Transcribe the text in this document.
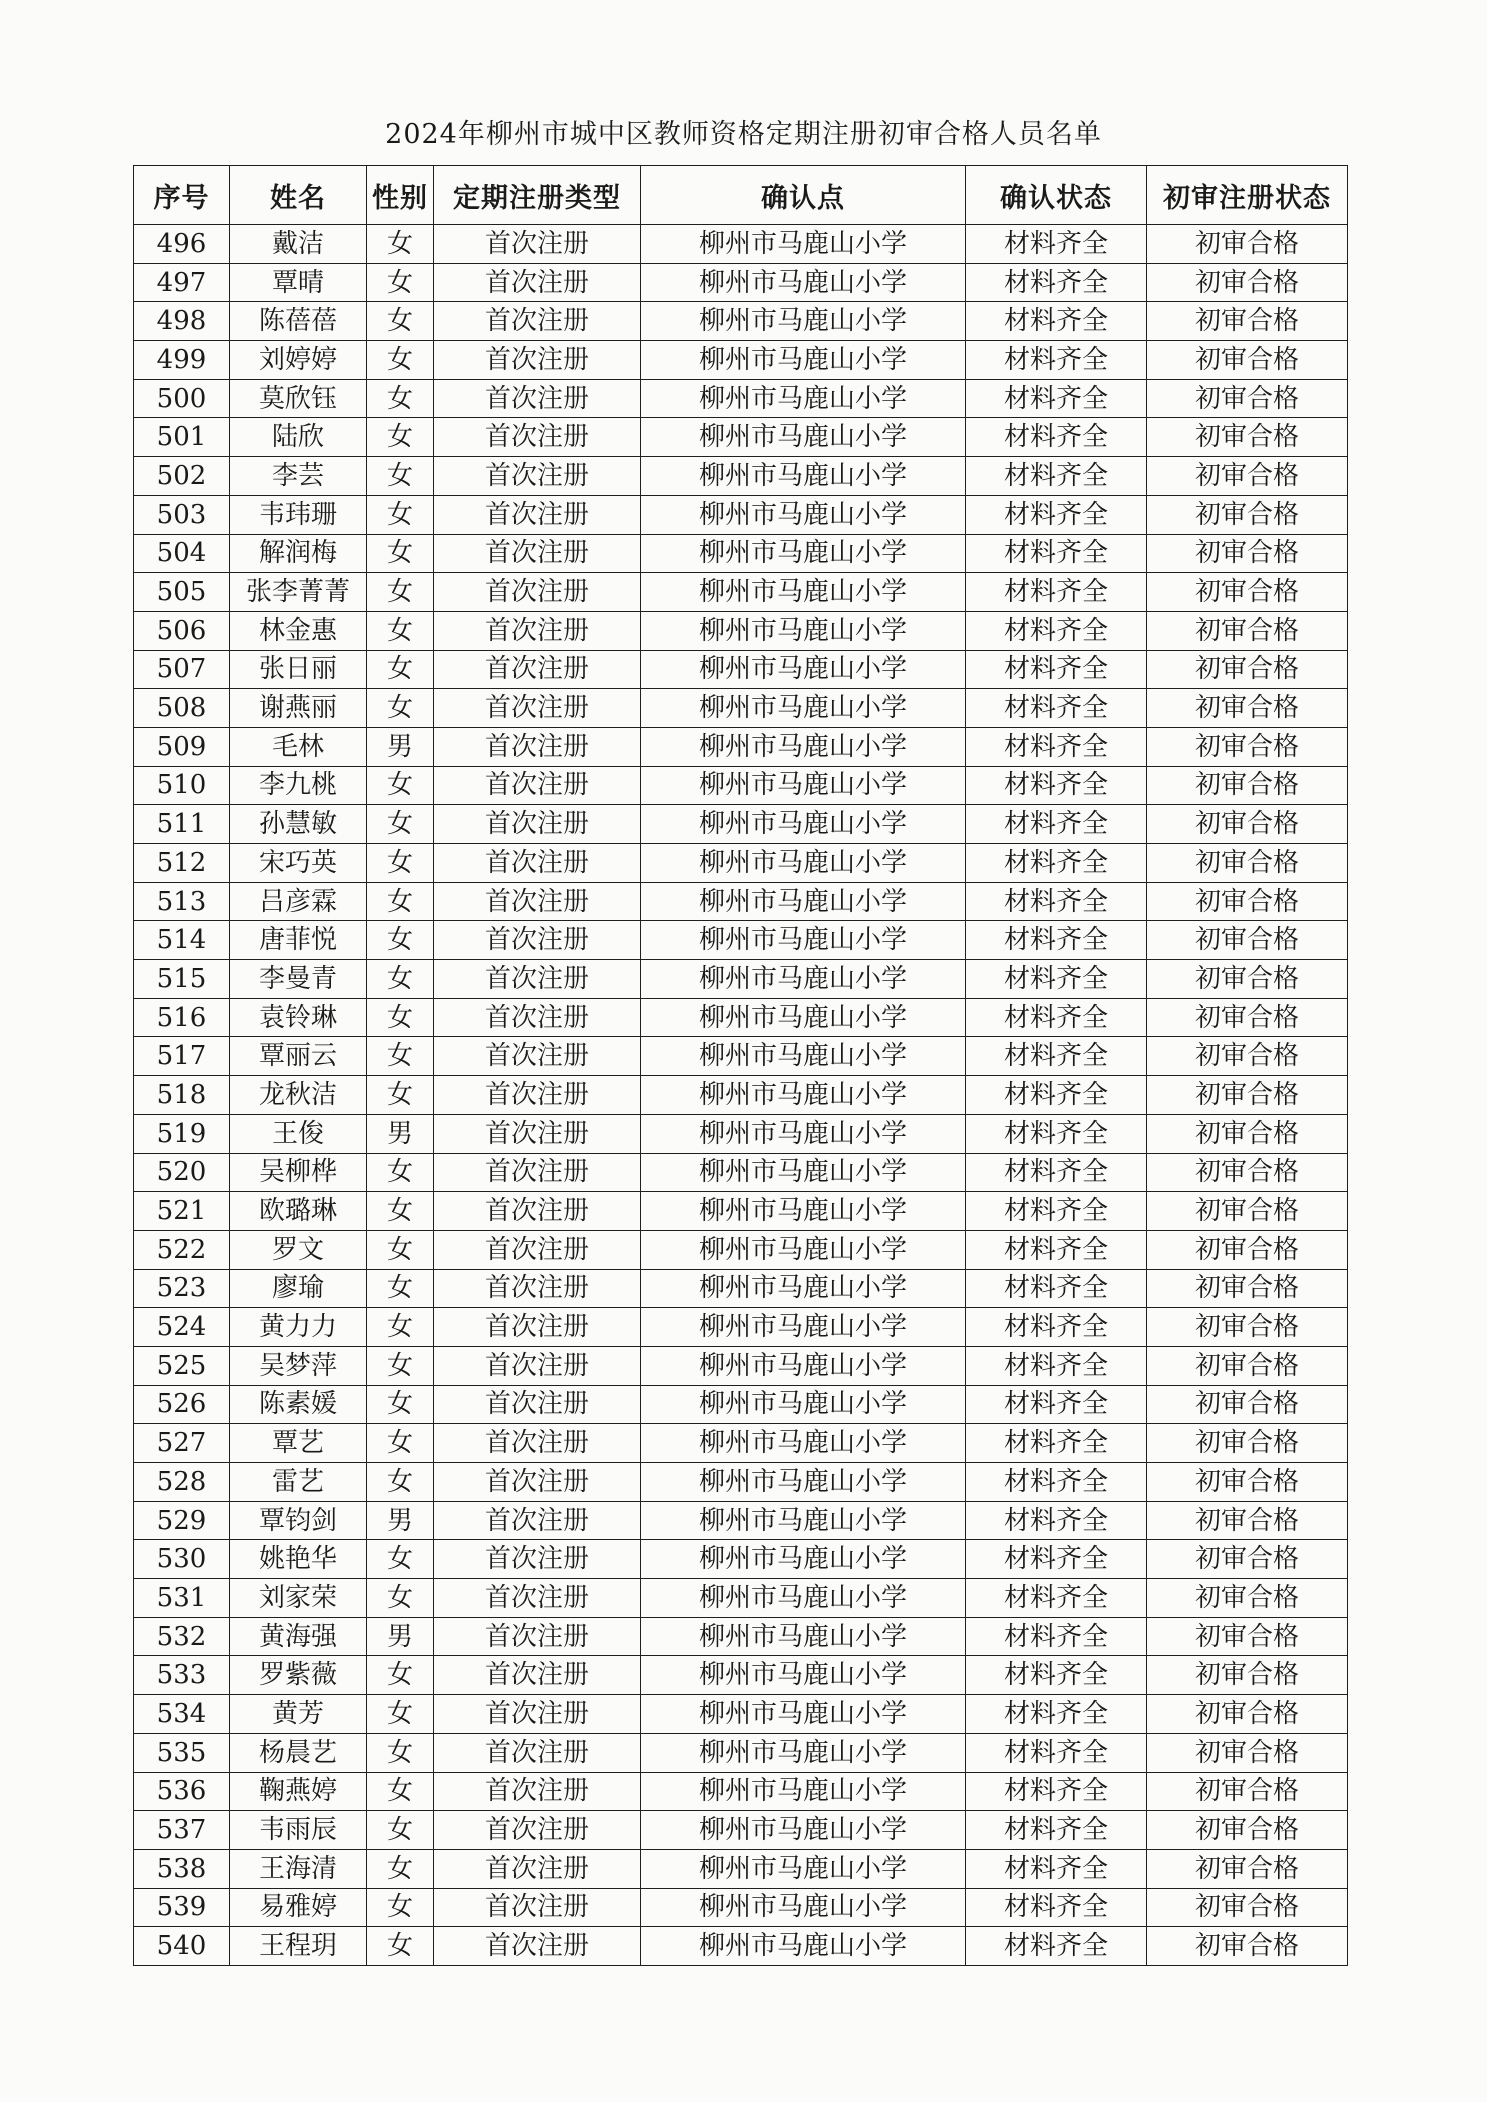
2024年柳州市城中区教师资格定期注册初审合格人员名单
序号	姓名	性别	定期注册类型	确认点	确认状态	初审注册状态
496	戴洁	女	首次注册	柳州市马鹿山小学	材料齐全	初审合格
497	覃晴	女	首次注册	柳州市马鹿山小学	材料齐全	初审合格
498	陈蓓蓓	女	首次注册	柳州市马鹿山小学	材料齐全	初审合格
499	刘婷婷	女	首次注册	柳州市马鹿山小学	材料齐全	初审合格
500	莫欣钰	女	首次注册	柳州市马鹿山小学	材料齐全	初审合格
501	陆欣	女	首次注册	柳州市马鹿山小学	材料齐全	初审合格
502	李芸	女	首次注册	柳州市马鹿山小学	材料齐全	初审合格
503	韦玮珊	女	首次注册	柳州市马鹿山小学	材料齐全	初审合格
504	解润梅	女	首次注册	柳州市马鹿山小学	材料齐全	初审合格
505	张李菁菁	女	首次注册	柳州市马鹿山小学	材料齐全	初审合格
506	林金惠	女	首次注册	柳州市马鹿山小学	材料齐全	初审合格
507	张日丽	女	首次注册	柳州市马鹿山小学	材料齐全	初审合格
508	谢燕丽	女	首次注册	柳州市马鹿山小学	材料齐全	初审合格
509	毛林	男	首次注册	柳州市马鹿山小学	材料齐全	初审合格
510	李九桃	女	首次注册	柳州市马鹿山小学	材料齐全	初审合格
511	孙慧敏	女	首次注册	柳州市马鹿山小学	材料齐全	初审合格
512	宋巧英	女	首次注册	柳州市马鹿山小学	材料齐全	初审合格
513	吕彦霖	女	首次注册	柳州市马鹿山小学	材料齐全	初审合格
514	唐菲悦	女	首次注册	柳州市马鹿山小学	材料齐全	初审合格
515	李曼青	女	首次注册	柳州市马鹿山小学	材料齐全	初审合格
516	袁铃琳	女	首次注册	柳州市马鹿山小学	材料齐全	初审合格
517	覃丽云	女	首次注册	柳州市马鹿山小学	材料齐全	初审合格
518	龙秋洁	女	首次注册	柳州市马鹿山小学	材料齐全	初审合格
519	王俊	男	首次注册	柳州市马鹿山小学	材料齐全	初审合格
520	吴柳桦	女	首次注册	柳州市马鹿山小学	材料齐全	初审合格
521	欧璐琳	女	首次注册	柳州市马鹿山小学	材料齐全	初审合格
522	罗文	女	首次注册	柳州市马鹿山小学	材料齐全	初审合格
523	廖瑜	女	首次注册	柳州市马鹿山小学	材料齐全	初审合格
524	黄力力	女	首次注册	柳州市马鹿山小学	材料齐全	初审合格
525	吴梦萍	女	首次注册	柳州市马鹿山小学	材料齐全	初审合格
526	陈素媛	女	首次注册	柳州市马鹿山小学	材料齐全	初审合格
527	覃艺	女	首次注册	柳州市马鹿山小学	材料齐全	初审合格
528	雷艺	女	首次注册	柳州市马鹿山小学	材料齐全	初审合格
529	覃钧剑	男	首次注册	柳州市马鹿山小学	材料齐全	初审合格
530	姚艳华	女	首次注册	柳州市马鹿山小学	材料齐全	初审合格
531	刘家荣	女	首次注册	柳州市马鹿山小学	材料齐全	初审合格
532	黄海强	男	首次注册	柳州市马鹿山小学	材料齐全	初审合格
533	罗紫薇	女	首次注册	柳州市马鹿山小学	材料齐全	初审合格
534	黄芳	女	首次注册	柳州市马鹿山小学	材料齐全	初审合格
535	杨晨艺	女	首次注册	柳州市马鹿山小学	材料齐全	初审合格
536	鞠燕婷	女	首次注册	柳州市马鹿山小学	材料齐全	初审合格
537	韦雨辰	女	首次注册	柳州市马鹿山小学	材料齐全	初审合格
538	王海清	女	首次注册	柳州市马鹿山小学	材料齐全	初审合格
539	易雅婷	女	首次注册	柳州市马鹿山小学	材料齐全	初审合格
540	王程玥	女	首次注册	柳州市马鹿山小学	材料齐全	初审合格
